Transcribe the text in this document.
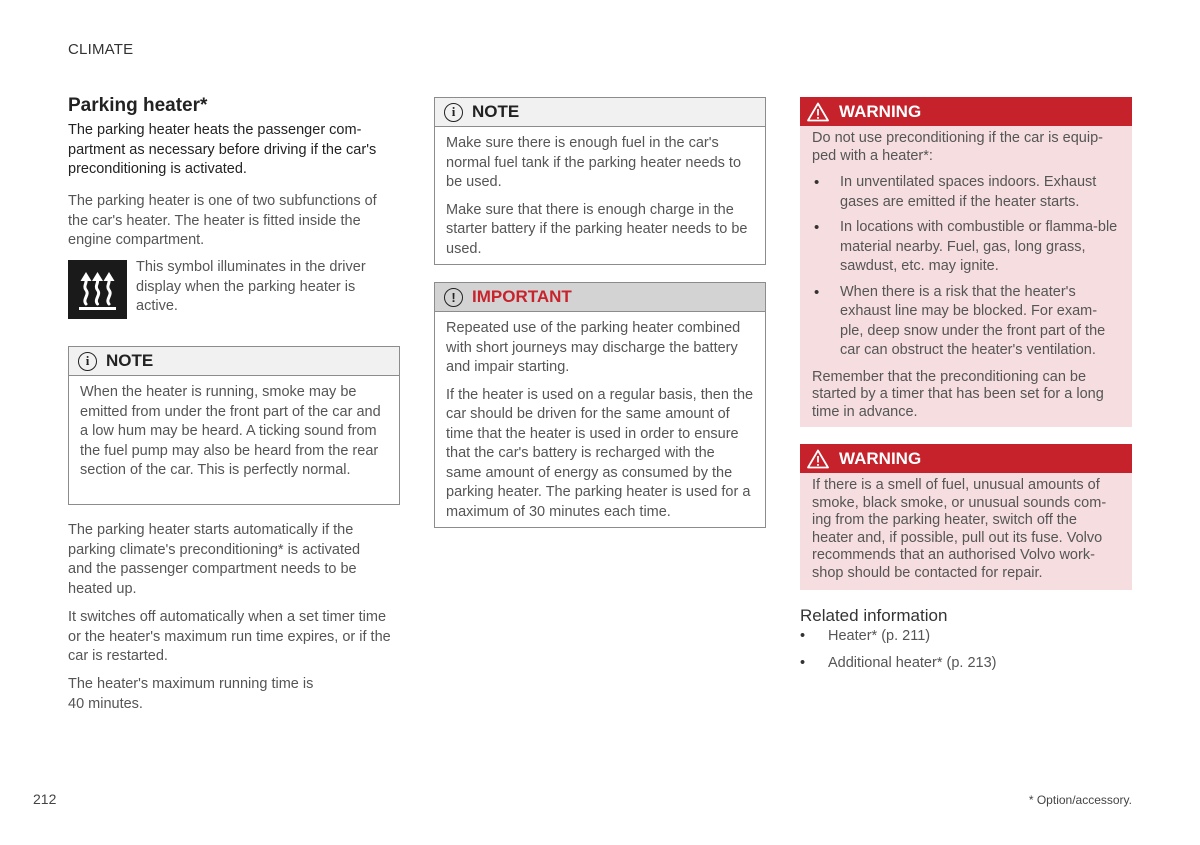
CLIMATE
Parking heater*
The parking heater heats the passenger com-partment as necessary before driving if the car's preconditioning is activated.
The parking heater is one of two subfunctions of the car's heater. The heater is fitted inside the engine compartment.
This symbol illuminates in the driver display when the parking heater is active.
i NOTE
When the heater is running, smoke may be emitted from under the front part of the car and a low hum may be heard. A ticking sound from the fuel pump may also be heard from the rear section of the car. This is perfectly normal.
The parking heater starts automatically if the parking climate's preconditioning* is activated and the passenger compartment needs to be heated up.
It switches off automatically when a set timer time or the heater's maximum run time expires, or if the car is restarted.
The heater's maximum running time is 40 minutes.
i NOTE
Make sure there is enough fuel in the car's normal fuel tank if the parking heater needs to be used.
Make sure that there is enough charge in the starter battery if the parking heater needs to be used.
! IMPORTANT
Repeated use of the parking heater combined with short journeys may discharge the battery and impair starting.
If the heater is used on a regular basis, then the car should be driven for the same amount of time that the heater is used in order to ensure that the car's battery is recharged with the same amount of energy as consumed by the parking heater. The parking heater is used for a maximum of 30 minutes each time.
WARNING
Do not use preconditioning if the car is equip-ped with a heater*:
• In unventilated spaces indoors. Exhaust gases are emitted if the heater starts.
• In locations with combustible or flamma-ble material nearby. Fuel, gas, long grass, sawdust, etc. may ignite.
• When there is a risk that the heater's exhaust line may be blocked. For exam-ple, deep snow under the front part of the car can obstruct the heater's ventilation.
Remember that the preconditioning can be started by a timer that has been set for a long time in advance.
WARNING
If there is a smell of fuel, unusual amounts of smoke, black smoke, or unusual sounds com-ing from the parking heater, switch off the heater and, if possible, pull out its fuse. Volvo recommends that an authorised Volvo work-shop should be contacted for repair.
Related information
• Heater* (p. 211)
• Additional heater* (p. 213)
212	* Option/accessory.
